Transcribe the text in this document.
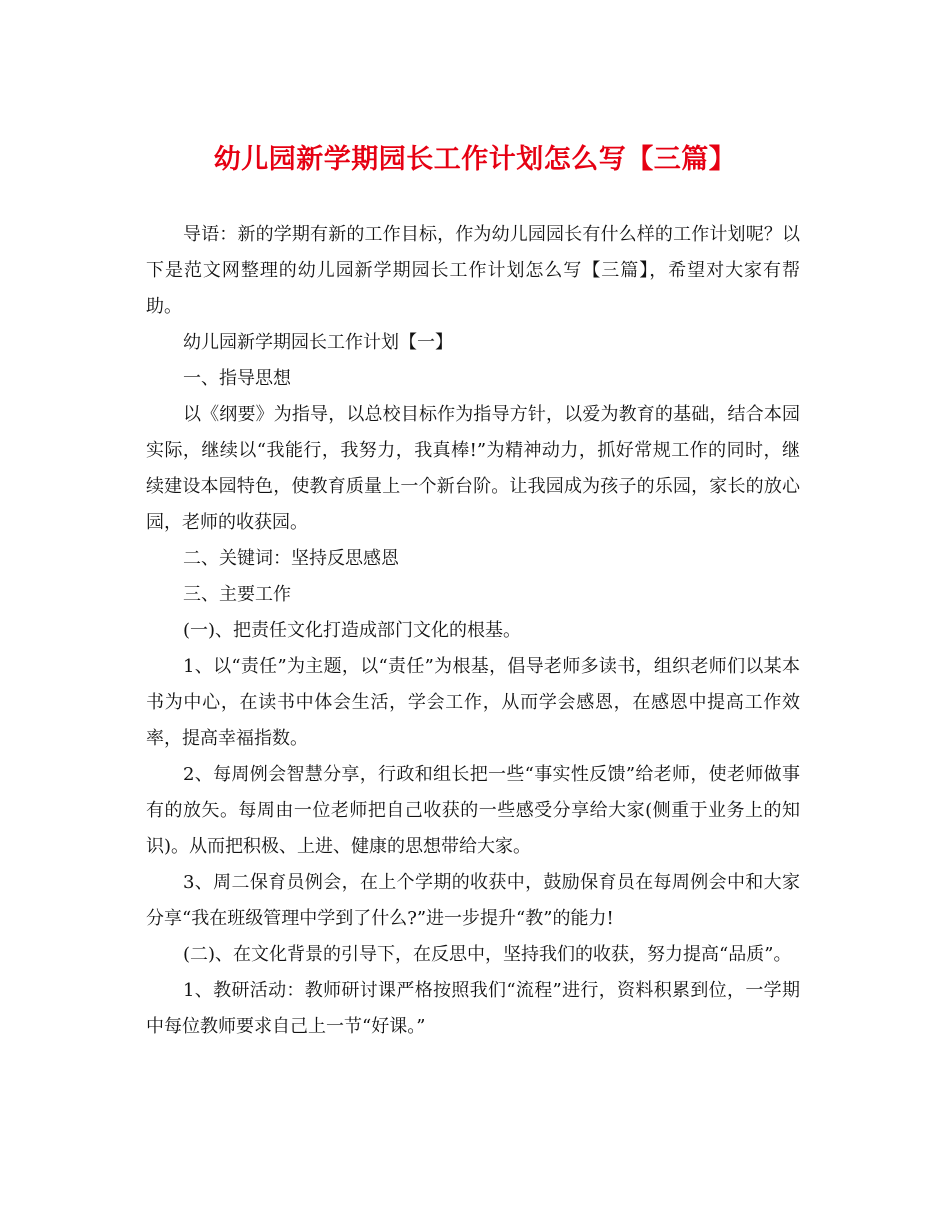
幼儿园新学期园长工作计划怎么写【三篇】

导语：新的学期有新的工作目标，作为幼儿园园长有什么样的工作计划呢？以下是范文网整理的幼儿园新学期园长工作计划怎么写【三篇】，希望对大家有帮助。

幼儿园新学期园长工作计划【一】

一、指导思想

以《纲要》为指导，以总校目标作为指导方针，以爱为教育的基础，结合本园实际，继续以“我能行，我努力，我真棒!”为精神动力，抓好常规工作的同时，继续建设本园特色，使教育质量上一个新台阶。让我园成为孩子的乐园，家长的放心园，老师的收获园。

二、关键词：坚持反思感恩

三、主要工作

(一)、把责任文化打造成部门文化的根基。

1、以“责任”为主题，以“责任”为根基，倡导老师多读书，组织老师们以某本书为中心，在读书中体会生活，学会工作，从而学会感恩，在感恩中提高工作效率，提高幸福指数。

2、每周例会智慧分享，行政和组长把一些“事实性反馈”给老师，使老师做事有的放矢。每周由一位老师把自己收获的一些感受分享给大家(侧重于业务上的知识)。从而把积极、上进、健康的思想带给大家。

3、周二保育员例会，在上个学期的收获中，鼓励保育员在每周例会中和大家分享“我在班级管理中学到了什么?”进一步提升“教”的能力!

(二)、在文化背景的引导下，在反思中，坚持我们的收获，努力提高“品质”。

1、教研活动：教师研讨课严格按照我们“流程”进行，资料积累到位，一学期中每位教师要求自己上一节“好课。”
